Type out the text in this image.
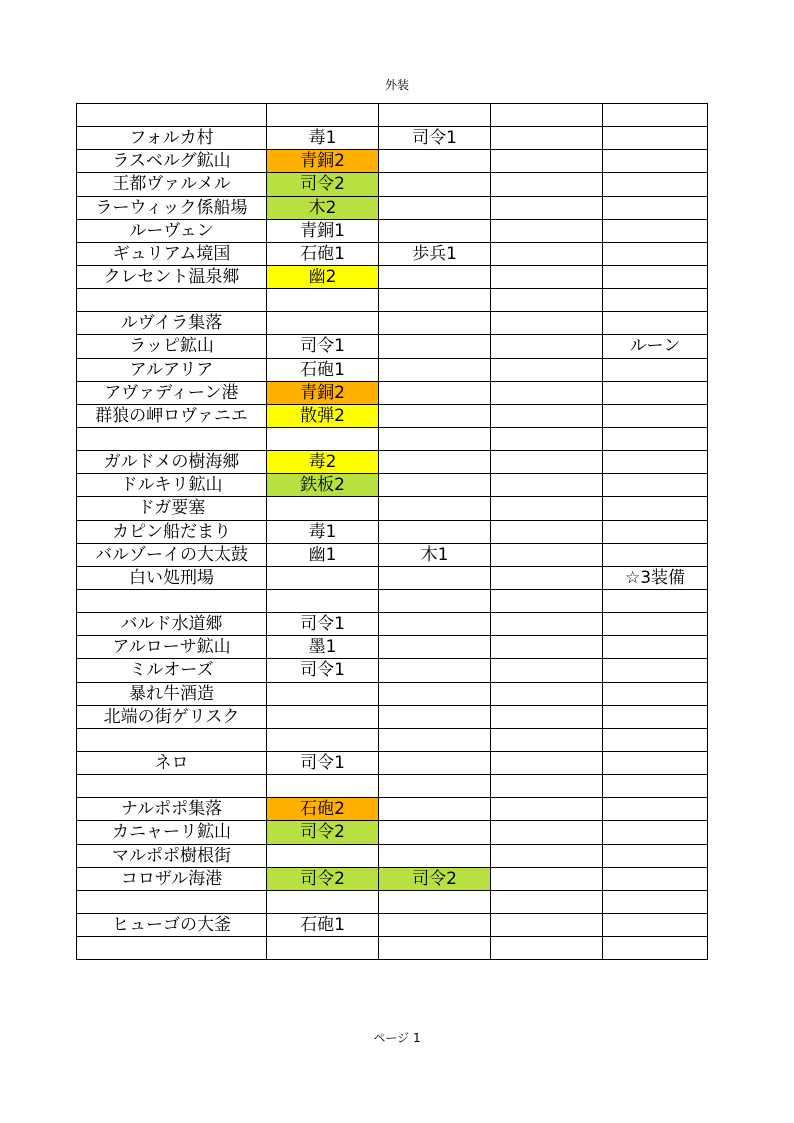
外装

フォルカ村	毒1	司令1		
ラスベルグ鉱山	青銅2			
王都ヴァルメル	司令2			
ラーウィック係船場	木2			
ルーヴェン	青銅1			
ギュリアム境国	石砲1	歩兵1		
クレセント温泉郷	幽2			

ルヴイラ集落				
ラッピ鉱山	司令1			ルーン
アルアリア	石砲1			
アヴァディーン港	青銅2			
群狼の岬ロヴァニエ	散弾2			

ガルドメの樹海郷	毒2			
ドルキリ鉱山	鉄板2			
ドガ要塞				
カピン船だまり	毒1			
バルゾーイの大太鼓	幽1	木1		
白い処刑場				☆3装備

バルド水道郷	司令1			
アルローサ鉱山	墨1			
ミルオーズ	司令1			
暴れ牛酒造				
北端の街ゲリスク				

ネロ	司令1			

ナルポポ集落	石砲2			
カニャーリ鉱山	司令2			
マルポポ樹根街				
コロザル海港	司令2	司令2		

ヒューゴの大釜	石砲1			

ページ 1
